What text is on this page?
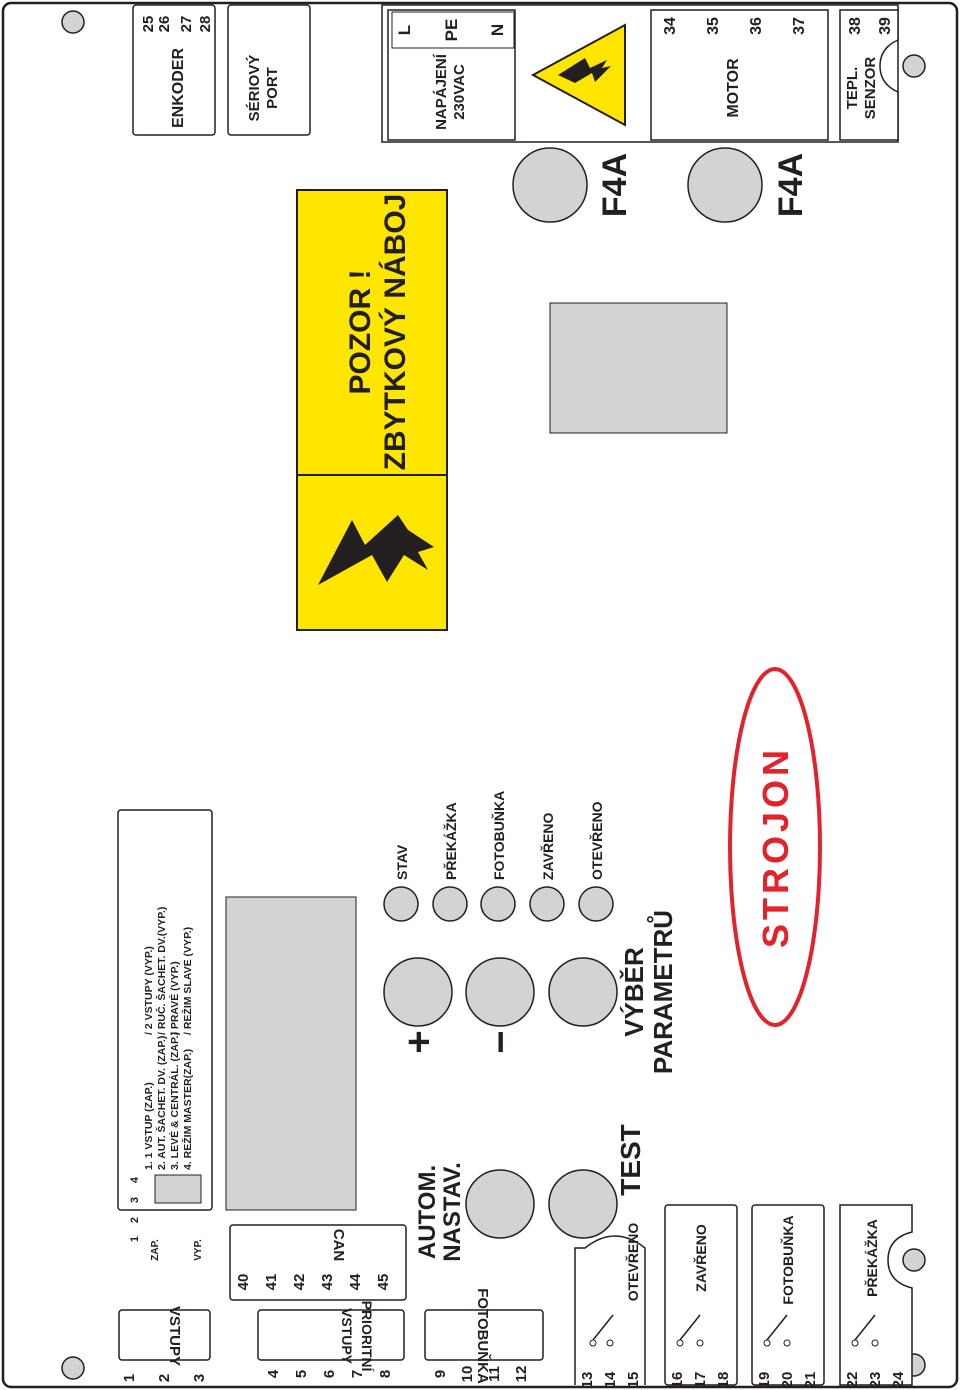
VSTUPY
1 2 3
PRIORITNÍ
VSTUPY
4 5 6 7 8	FOTOBUŇKA
9 10 11 12
CAN
40 41 42 43 44 45	OTEVŘENO
13 14 15
ZAVŘENO
16 17 18
FOTOBUŇKA
19 20 21
PŘEKÁŽKA
22 23 24
ZAP.	VYP.
1
2
3
4
1. 1 VSTUP (ZAP.)
/ 2 VSTUPY (VYP.)
2. AUT. ŠACHET. DV. (ZAP.)
/ RUČ. ŠACHET. DV.(VYP.)
3. LEVÉ & CENTRÁL. (ZAP.)
/ PRAVÉ (VYP.)
4. REŽIM MASTER(ZAP.)
/ REŽIM SLAVE (VYP.)
AUTOM.
NASTAV.
TEST
+ −
VÝBĚR PARAMETRŮ
STAV PŘEKÁŽKA FOTOBUŇKA ZAVŘENO OTEVŘENO	STROJON
POZOR ! ZBYTKOVÝ NÁBOJ
F4A	F4A
ENKODER
25 26 27 28
SÉRIOVÝ PORT	NAPÁJENÍ 230VAC
L PE N
MOTOR
34 35 36 37
TEPL. SENZOR
38 39
